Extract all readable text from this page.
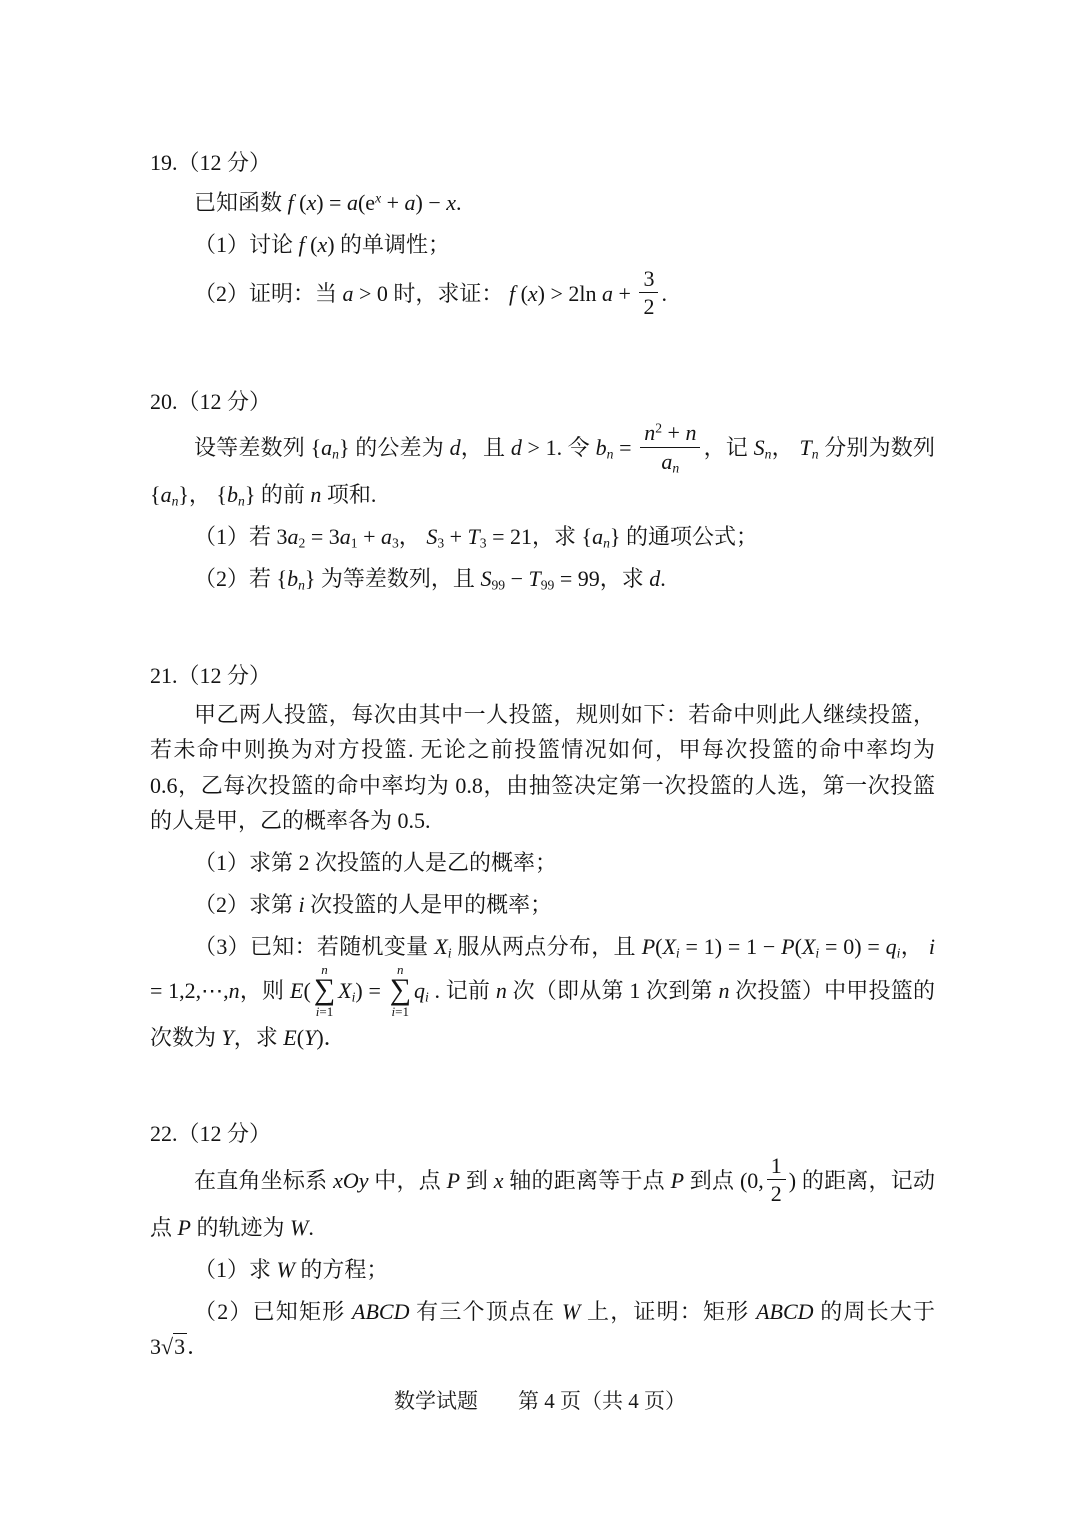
19.（12 分）

已知函数 f $(x) = a(e^x + a) - x$.

（1）讨论 f (x) 的单调性；

（2）证明：当 a > 0 时，求证： f (x) > 2ln $a + \frac{3}{2}$ .

20.（12 分）

设等差数列 $\{a_n\}$ 的公差为 d，且 d > 1. 令 $b_n = \frac{n^2 + n}{a_n}$ ，记 $S_n$， $T_n$ 分别为数列 $\{a_n\}$， $\{b_n\}$ 的前 n 项和.

（1）若 $3a_2 = 3a_1 + a_3$， $S_3 + T_3 = 21$，求 $\{a_n\}$ 的通项公式；

（2）若 $\{b_n\}$ 为等差数列，且 $S_{99} - T_{99} = 99$，求 d.

21.（12 分）

甲乙两人投篮，每次由其中一人投篮，规则如下：若命中则此人继续投篮，若未命中则换为对方投篮. 无论之前投篮情况如何，甲每次投篮的命中率均为 0.6，乙每次投篮的命中率均为 0.8，由抽签决定第一次投篮的人选，第一次投篮的人是甲，乙的概率各为 0.5.

（1）求第 2 次投篮的人是乙的概率；

（2）求第 i 次投篮的人是甲的概率；

（3）已知：若随机变量 $X_i$ 服从两点分布，且 $P(X_i = 1) = 1 - P(X_i = 0) = q_i$， i = 1,2,⋯,n，则 E(
n
∑
i=1
$X_i$) =
n
∑
i=1
$q_i$ . 记前 n 次（即从第 1 次到第 n 次投篮）中甲投篮的次数为 Y，求 E(Y)．

22.（12 分）

在直角坐标系 xOy 中，点 P 到 x 轴的距离等于点 P 到点 (0, $\frac{1}{2}$ ) 的距离，记动点 P 的轨迹为 W.

（1）求 W 的方程；

（2）已知矩形 ABCD 有三个顶点在 W 上，证明：矩形 ABCD 的周长大于 3√3．

数学试题 第 4 页（共 4 页）
